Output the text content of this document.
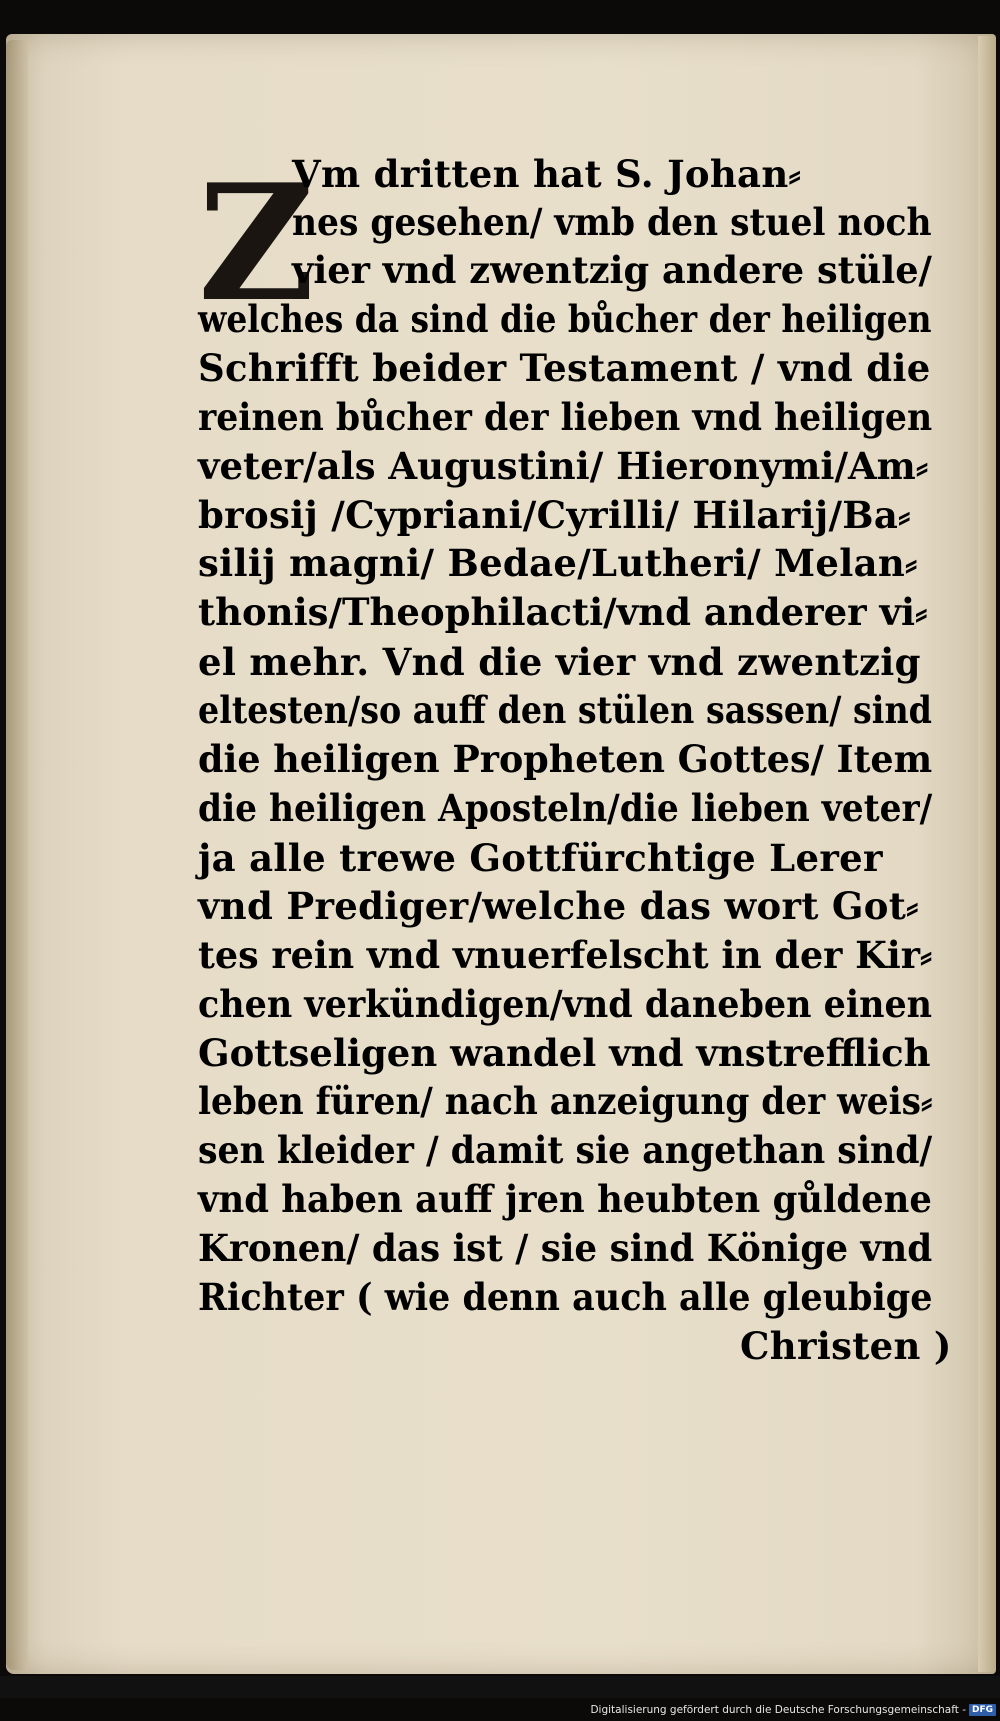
Z
Vm dritten hat S. Johan⸗
nes gesehen/ vmb den stuel noch
vier vnd zwentzig andere stüle/
welches da sind die bůcher der heiligen
Schrifft beider Testament / vnd die
reinen bůcher der lieben vnd heiligen
veter/als Augustini/ Hieronymi/Am⸗
brosij /Cypriani/Cyrilli/ Hilarij/Ba⸗
silij magni/ Bedae/Lutheri/ Melan⸗
thonis/Theophilacti/vnd anderer vi⸗
el mehr. Vnd die vier vnd zwentzig
eltesten/so auff den stülen sassen/ sind
die heiligen Propheten Gottes/ Item
die heiligen Aposteln/die lieben veter/
ja alle trewe Gottfürchtige Lerer
vnd Prediger/welche das wort Got⸗
tes rein vnd vnuerfelscht in der Kir⸗
chen verkündigen/vnd daneben einen
Gottseligen wandel vnd vnstrefflich
leben füren/ nach anzeigung der weis⸗
sen kleider / damit sie angethan sind/
vnd haben auff jren heubten gůldene
Kronen/ das ist / sie sind Könige vnd
Richter ( wie denn auch alle gleubige
Christen )
Digitalisierung gefördert durch die Deutsche Forschungsgemeinschaft - DFG
